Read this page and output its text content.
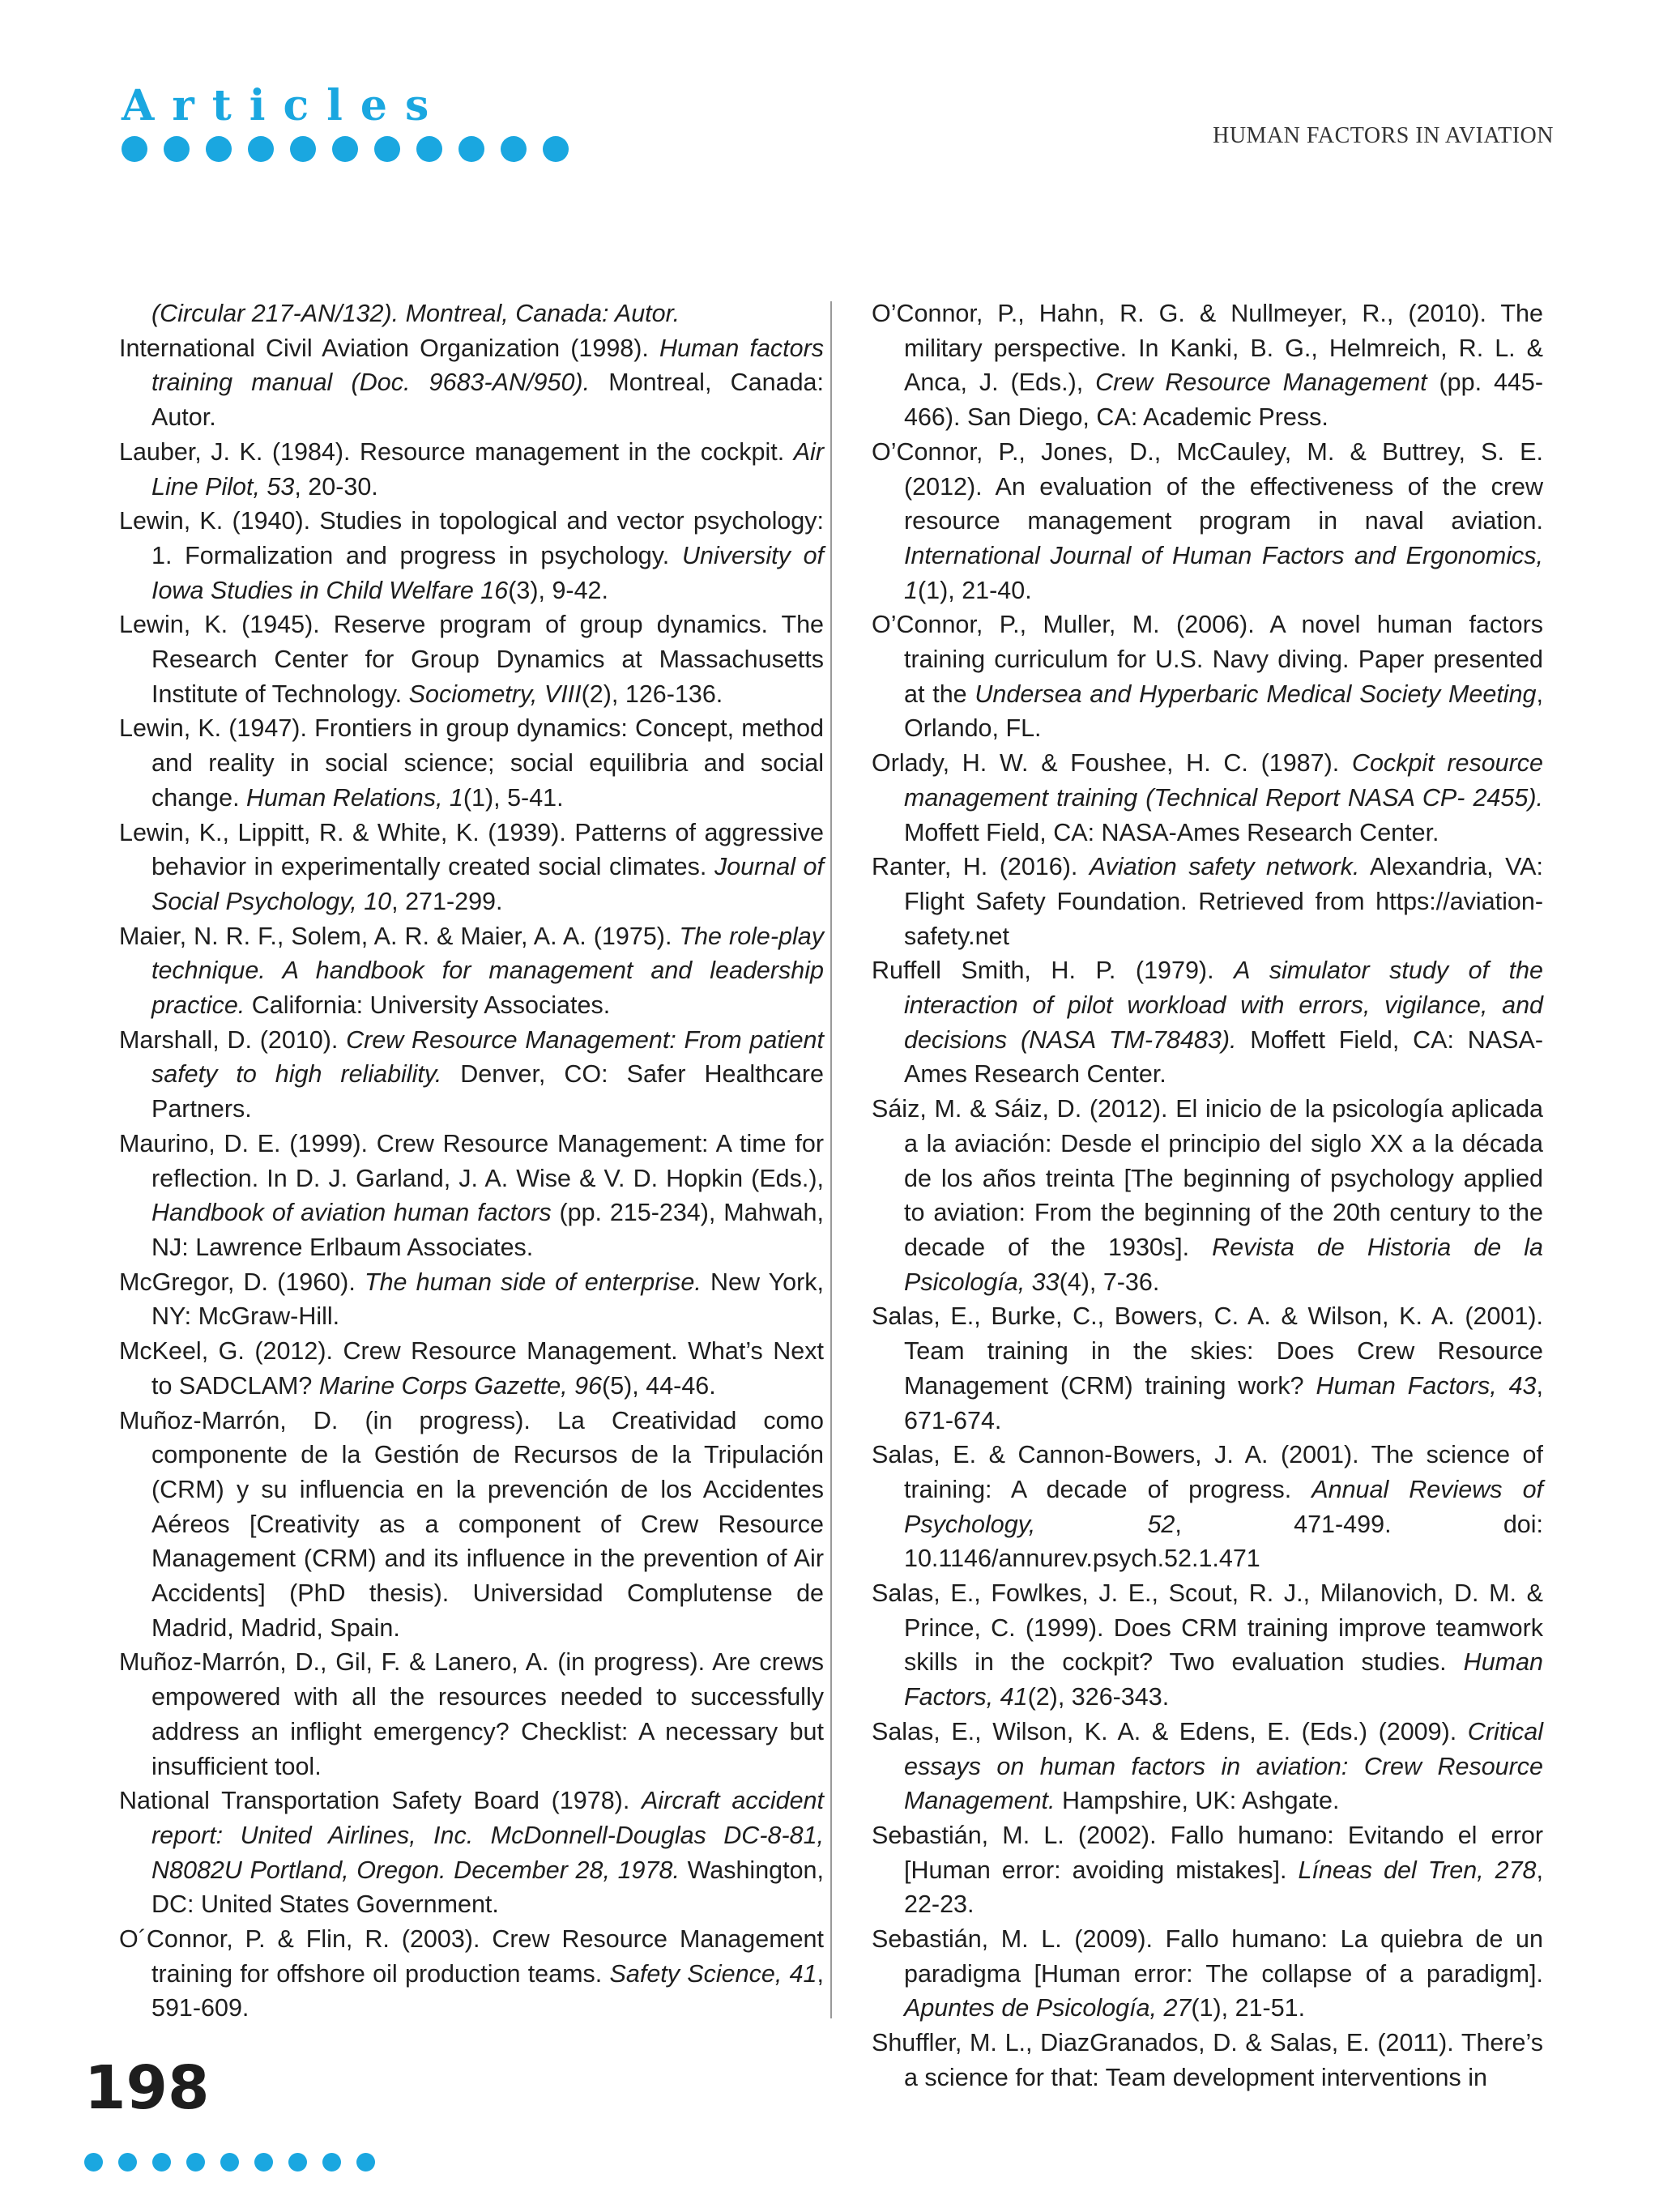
Articles
HUMAN FACTORS IN AVIATION

(Circular 217-AN/132). Montreal, Canada: Autor.

International Civil Aviation Organization (1998). Human factors training manual (Doc. 9683-AN/950). Montreal, Canada: Autor.

Lauber, J. K. (1984). Resource management in the cockpit. Air Line Pilot, 53, 20-30.

Lewin, K. (1940). Studies in topological and vector psychology: 1. Formalization and progress in psychology. University of Iowa Studies in Child Welfare 16(3), 9-42.

Lewin, K. (1945). Reserve program of group dynamics. The Research Center for Group Dynamics at Massachusetts Institute of Technology. Sociometry, VIII(2), 126-136.

Lewin, K. (1947). Frontiers in group dynamics: Concept, method and reality in social science; social equilibria and social change. Human Relations, 1(1), 5-41.

Lewin, K., Lippitt, R. & White, K. (1939). Patterns of aggressive behavior in experimentally created social climates. Journal of Social Psychology, 10, 271-299.

Maier, N. R. F., Solem, A. R. & Maier, A. A. (1975). The role-play technique. A handbook for management and leadership practice. California: University Associates.

Marshall, D. (2010). Crew Resource Management: From patient safety to high reliability. Denver, CO: Safer Healthcare Partners.

Maurino, D. E. (1999). Crew Resource Management: A time for reflection. In D. J. Garland, J. A. Wise & V. D. Hopkin (Eds.), Handbook of aviation human factors (pp. 215-234), Mahwah, NJ: Lawrence Erlbaum Associates.

McGregor, D. (1960). The human side of enterprise. New York, NY: McGraw-Hill.

McKeel, G. (2012). Crew Resource Management. What’s Next to SADCLAM? Marine Corps Gazette, 96(5), 44-46.

Muñoz-Marrón, D. (in progress). La Creatividad como componente de la Gestión de Recursos de la Tripulación (CRM) y su influencia en la prevención de los Accidentes Aéreos [Creativity as a component of Crew Resource Management (CRM) and its influence in the prevention of Air Accidents] (PhD thesis). Universidad Complutense de Madrid, Madrid, Spain.

Muñoz-Marrón, D., Gil, F. & Lanero, A. (in progress). Are crews empowered with all the resources needed to successfully address an inflight emergency? Checklist: A necessary but insufficient tool.

National Transportation Safety Board (1978). Aircraft accident report: United Airlines, Inc. McDonnell-Douglas DC-8-81, N8082U Portland, Oregon. December 28, 1978. Washington, DC: United States Government.

O´Connor, P. & Flin, R. (2003). Crew Resource Management training for offshore oil production teams. Safety Science, 41, 591-609.

O’Connor, P., Hahn, R. G. & Nullmeyer, R., (2010). The military perspective. In Kanki, B. G., Helmreich, R. L. & Anca, J. (Eds.), Crew Resource Management (pp. 445-466). San Diego, CA: Academic Press.

O’Connor, P., Jones, D., McCauley, M. & Buttrey, S. E. (2012). An evaluation of the effectiveness of the crew resource management program in naval aviation. International Journal of Human Factors and Ergonomics, 1(1), 21-40.

O’Connor, P., Muller, M. (2006). A novel human factors training curriculum for U.S. Navy diving. Paper presented at the Undersea and Hyperbaric Medical Society Meeting, Orlando, FL.

Orlady, H. W. & Foushee, H. C. (1987). Cockpit resource management training (Technical Report NASA CP- 2455). Moffett Field, CA: NASA-Ames Research Center.

Ranter, H. (2016). Aviation safety network. Alexandria, VA: Flight Safety Foundation. Retrieved from https://aviation-safety.net

Ruffell Smith, H. P. (1979). A simulator study of the interaction of pilot workload with errors, vigilance, and decisions (NASA TM-78483). Moffett Field, CA: NASA-Ames Research Center.

Sáiz, M. & Sáiz, D. (2012). El inicio de la psicología aplicada a la aviación: Desde el principio del siglo XX a la década de los años treinta [The beginning of psychology applied to aviation: From the beginning of the 20th century to the decade of the 1930s]. Revista de Historia de la Psicología, 33(4), 7-36.

Salas, E., Burke, C., Bowers, C. A. & Wilson, K. A. (2001). Team training in the skies: Does Crew Resource Management (CRM) training work? Human Factors, 43, 671-674.

Salas, E. & Cannon-Bowers, J. A. (2001). The science of training: A decade of progress. Annual Reviews of Psychology, 52, 471-499. doi: 10.1146/annurev.psych.52.1.471

Salas, E., Fowlkes, J. E., Scout, R. J., Milanovich, D. M. & Prince, C. (1999). Does CRM training improve teamwork skills in the cockpit? Two evaluation studies. Human Factors, 41(2), 326-343.

Salas, E., Wilson, K. A. & Edens, E. (Eds.) (2009). Critical essays on human factors in aviation: Crew Resource Management. Hampshire, UK: Ashgate.

Sebastián, M. L. (2002). Fallo humano: Evitando el error [Human error: avoiding mistakes]. Líneas del Tren, 278, 22-23.

Sebastián, M. L. (2009). Fallo humano: La quiebra de un paradigma [Human error: The collapse of a paradigm]. Apuntes de Psicología, 27(1), 21-51.

Shuffler, M. L., DiazGranados, D. & Salas, E. (2011). There’s a science for that: Team development interventions in

198
